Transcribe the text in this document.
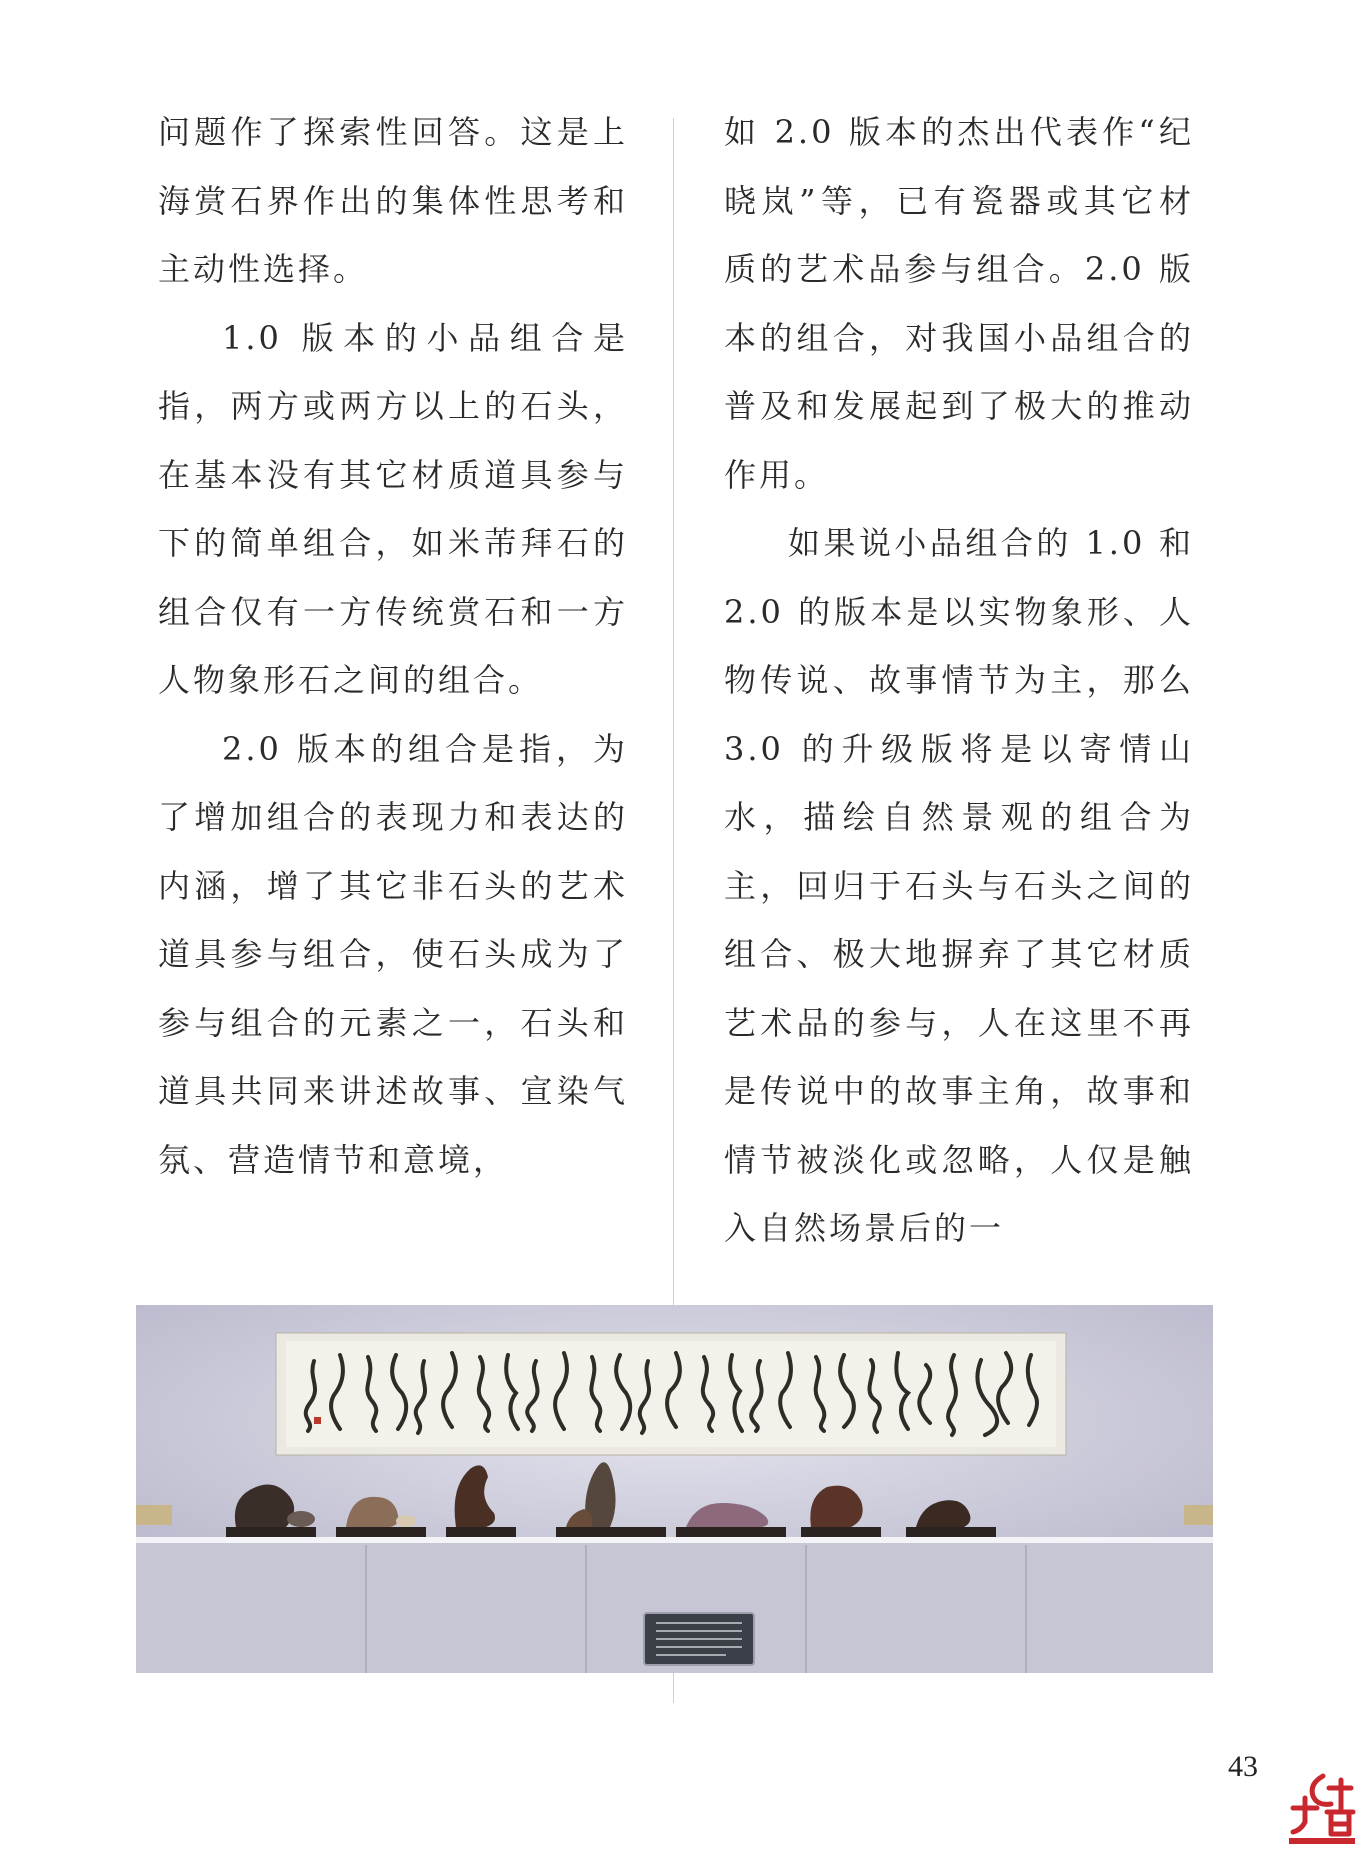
问题作了探索性回答。这是上海赏石界作出的集体性思考和主动性选择。

1.0 版本的小品组合是指，两方或两方以上的石头，在基本没有其它材质道具参与下的简单组合，如米芾拜石的组合仅有一方传统赏石和一方人物象形石之间的组合。

2.0 版本的组合是指，为了增加组合的表现力和表达的内涵，增了其它非石头的艺术道具参与组合，使石头成为了参与组合的元素之一，石头和道具共同来讲述故事、宣染气氛、营造情节和意境，

如 2.0 版本的杰出代表作“纪晓岚”等，已有瓷器或其它材质的艺术品参与组合。2.0 版本的组合，对我国小品组合的普及和发展起到了极大的推动作用。

如果说小品组合的 1.0 和 2.0 的版本是以实物象形、人物传说、故事情节为主，那么 3.0 的升级版将是以寄情山水，描绘自然景观的组合为主，回归于石头与石头之间的组合、极大地摒弃了其它材质艺术品的参与，人在这里不再是传说中的故事主角，故事和情节被淡化或忽略，人仅是触入自然场景后的一

43
